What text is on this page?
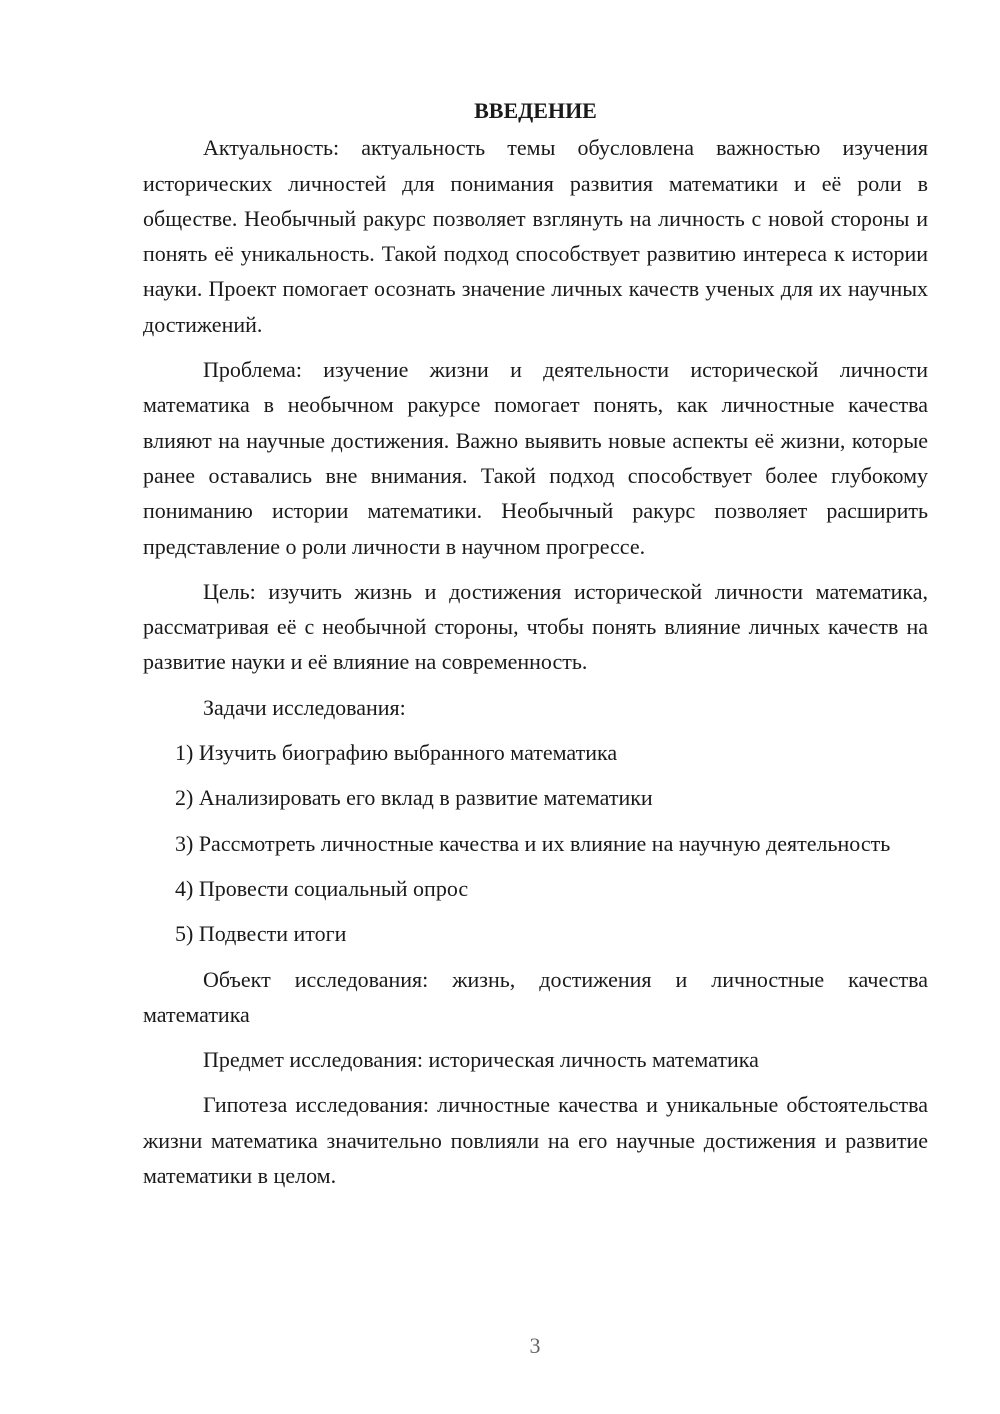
ВВЕДЕНИЕ

Актуальность: актуальность темы обусловлена важностью изучения исторических личностей для понимания развития математики и её роли в обществе. Необычный ракурс позволяет взглянуть на личность с новой стороны и понять её уникальность. Такой подход способствует развитию интереса к истории науки. Проект помогает осознать значение личных качеств ученых для их научных достижений.

Проблема: изучение жизни и деятельности исторической личности математика в необычном ракурсе помогает понять, как личностные качества влияют на научные достижения. Важно выявить новые аспекты её жизни, которые ранее оставались вне внимания. Такой подход способствует более глубокому пониманию истории математики. Необычный ракурс позволяет расширить представление о роли личности в научном прогрессе.

Цель: изучить жизнь и достижения исторической личности математика, рассматривая её с необычной стороны, чтобы понять влияние личных качеств на развитие науки и её влияние на современность.

Задачи исследования:

1) Изучить биографию выбранного математика

2) Анализировать его вклад в развитие математики

3) Рассмотреть личностные качества и их влияние на научную деятельность

4) Провести социальный опрос

5) Подвести итоги

Объект исследования: жизнь, достижения и личностные качества математика

Предмет исследования: историческая личность математика

Гипотеза исследования: личностные качества и уникальные обстоятельства жизни математика значительно повлияли на его научные достижения и развитие математики в целом.

3
